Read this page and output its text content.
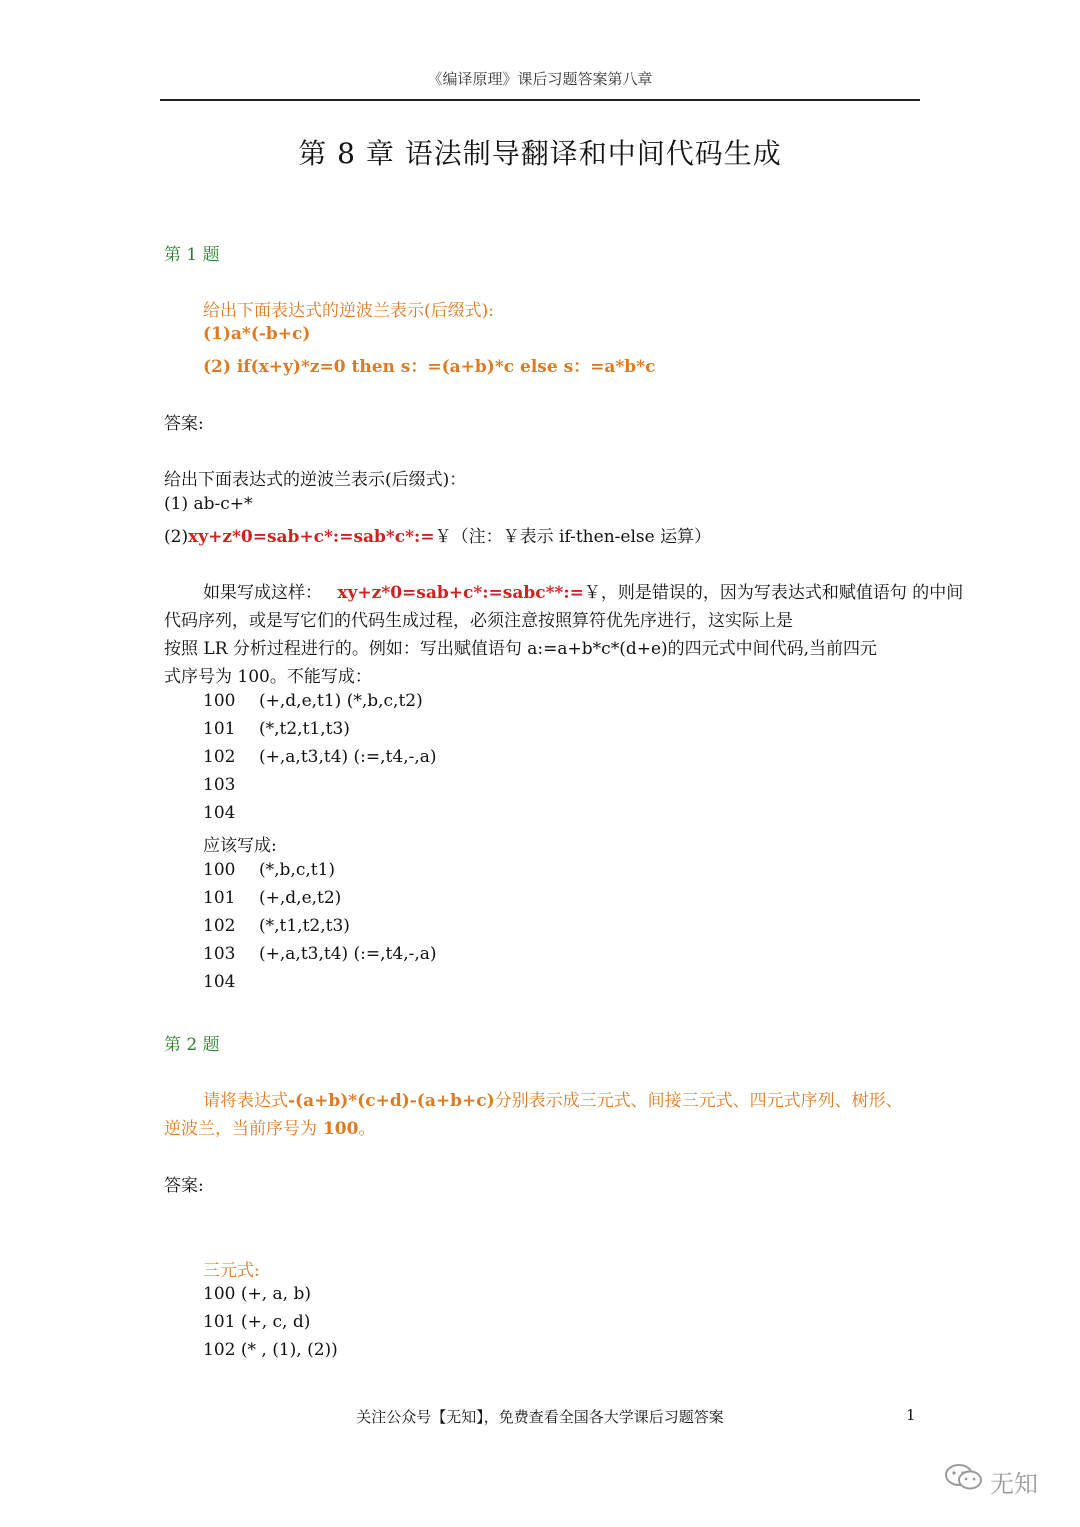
《编译原理》课后习题答案第八章
第 8 章 语法制导翻译和中间代码生成
第 1 题
给出下面表达式的逆波兰表示(后缀式):
(1)a*(-b+c)
(2) if(x+y)*z=0 then s：=(a+b)*c else s：=a*b*c
答案:
给出下面表达式的逆波兰表示(后缀式)：
(1) ab-c+*
(2)xy+z*0=sab+c*:=sab*c*:=￥（注：￥表示 if-then-else 运算）
如果写成这样： xy+z*0=sab+c*:=sabc**:=￥，则是错误的，因为写表达式和赋值语句 的中间
代码序列，或是写它们的代码生成过程，必须注意按照算符优先序进行，这实际上是
按照 LR 分析过程进行的。例如：写出赋值语句 a:=a+b*c*(d+e)的四元式中间代码,当前四元
式序号为 100。不能写成：
100 (+,d,e,t1) (*,b,c,t2)
101 (*,t2,t1,t3)
102 (+,a,t3,t4) (:=,t4,-,a)
103
104
应该写成:
100 (*,b,c,t1)
101 (+,d,e,t2)
102 (*,t1,t2,t3)
103 (+,a,t3,t4) (:=,t4,-,a)
104
第 2 题
请将表达式-(a+b)*(c+d)-(a+b+c)分别表示成三元式、间接三元式、四元式序列、树形、
逆波兰，当前序号为 100。
答案:
三元式:
100 (+, a, b)
101 (+, c, d)
102 (* , (1), (2))
关注公众号【无知】，免费查看全国各大学课后习题答案	1
无知
